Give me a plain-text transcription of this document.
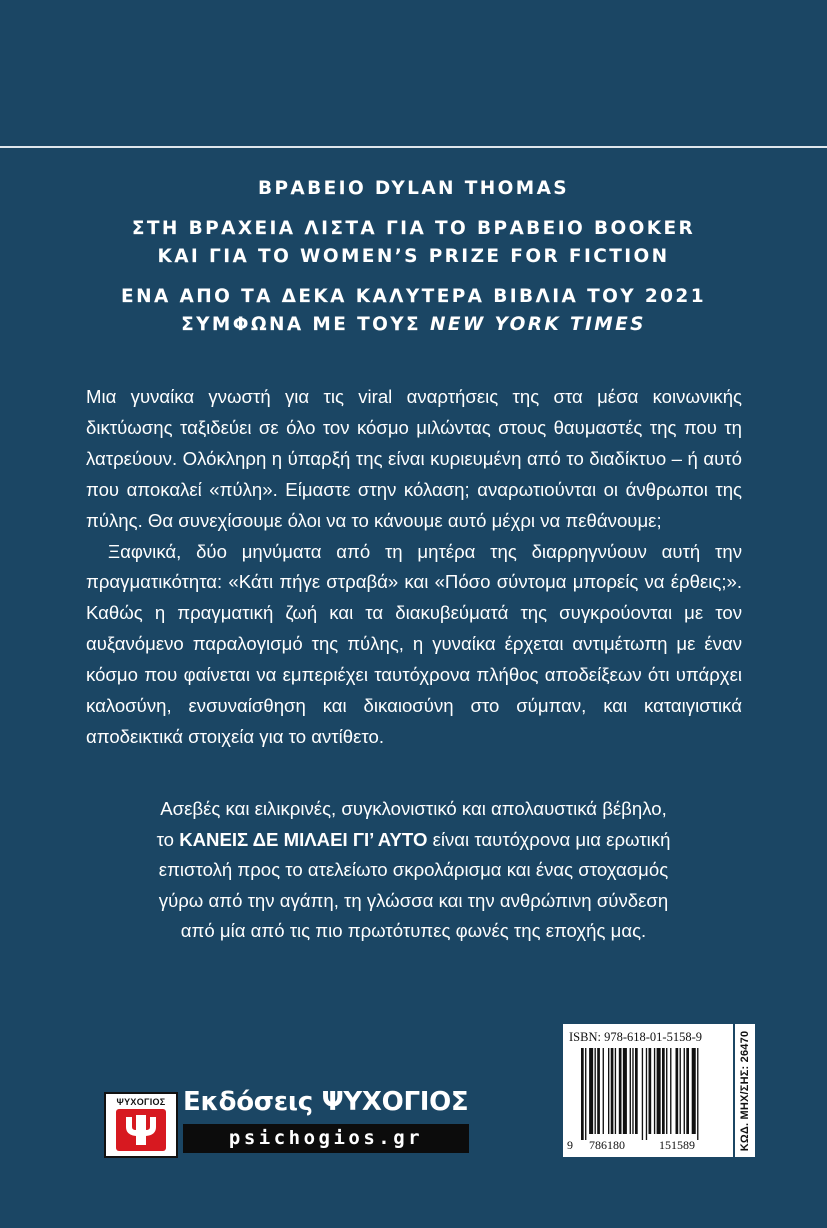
ΒΡΑΒΕΙΟ DYLAN THOMAS
ΣΤΗ ΒΡΑΧΕΙΑ ΛΙΣΤΑ ΓΙΑ ΤΟ ΒΡΑΒΕΙΟ BOOKER
ΚΑΙ ΓΙΑ ΤΟ WOMEN’S PRIZE FOR FICTION
ΕΝΑ ΑΠΟ ΤΑ ΔΕΚΑ ΚΑΛΥΤΕΡΑ ΒΙΒΛΙΑ ΤΟΥ 2021
ΣΥΜΦΩΝΑ ΜΕ ΤΟΥΣ NEW YORK TIMES

Μια γυναίκα γνωστή για τις viral αναρτήσεις της στα μέσα κοινωνικής δικτύωσης ταξιδεύει σε όλο τον κόσμο μιλώντας στους θαυμαστές της που τη λατρεύουν. Ολόκληρη η ύπαρξή της είναι κυριευμένη από το διαδίκτυο – ή αυτό που αποκαλεί «πύλη». Είμαστε στην κόλαση; αναρωτιούνται οι άνθρωποι της πύλης. Θα συνεχίσουμε όλοι να το κάνουμε αυτό μέχρι να πεθάνουμε;

Ξαφνικά, δύο μηνύματα από τη μητέρα της διαρρηγνύουν αυτή την πραγματικότητα: «Κάτι πήγε στραβά» και «Πόσο σύντομα μπορείς να έρθεις;». Καθώς η πραγματική ζωή και τα διακυβεύματά της συγκρούονται με τον αυξανόμενο παραλογισμό της πύλης, η γυναίκα έρχεται αντιμέτωπη με έναν κόσμο που φαίνεται να εμπεριέχει ταυτόχρονα πλήθος αποδείξεων ότι υπάρχει καλοσύνη, ενσυναίσθηση και δικαιοσύνη στο σύμπαν, και καταιγιστικά αποδεικτικά στοιχεία για το αντίθετο.

Ασεβές και ειλικρινές, συγκλονιστικό και απολαυστικά βέβηλο,
το ΚΑΝΕΙΣ ΔΕ ΜΙΛΑΕΙ ΓΙ’ ΑΥΤΟ είναι ταυτόχρονα μια ερωτική
επιστολή προς το ατελείωτο σκρολάρισμα και ένας στοχασμός
γύρω από την αγάπη, τη γλώσσα και την ανθρώπινη σύνδεση
από μία από τις πιο πρωτότυπες φωνές της εποχής μας.
ΨΥΧΟΓΙΟΣ Εκδόσεις ΨΥΧΟΓΙΟΣ
psichogios.gr
ISBN: 978-618-01-5158-9
9 786180	151589	ΚΩΔ. ΜΗΧ/ΣΗΣ: 26470
